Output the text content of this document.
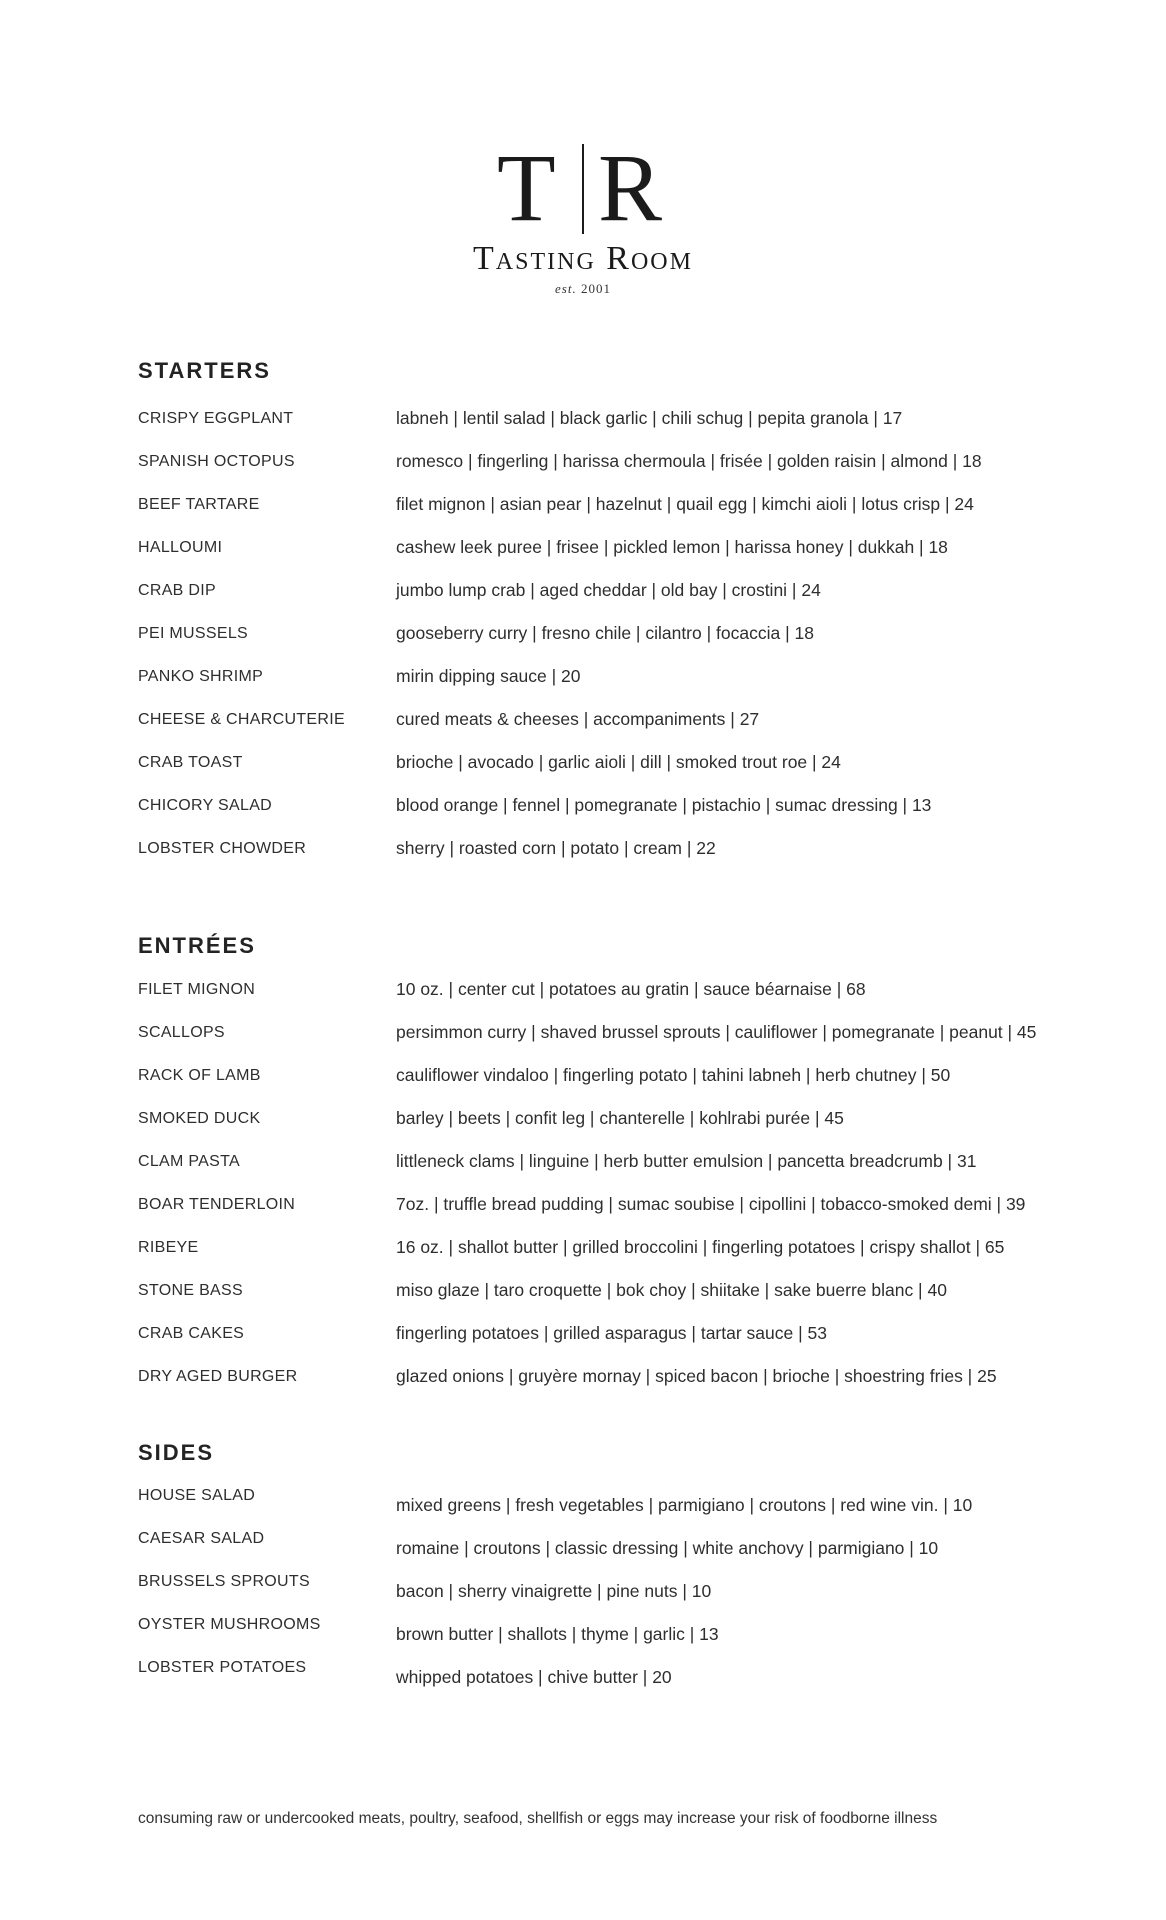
T R
Tasting Room
est. 2001
STARTERS
CRISPY EGGPLANT	labneh | lentil salad | black garlic | chili schug | pepita granola | 17
SPANISH OCTOPUS	romesco | fingerling | harissa chermoula | frisée | golden raisin | almond | 18
BEEF TARTARE	filet mignon | asian pear | hazelnut | quail egg | kimchi aioli | lotus crisp | 24
HALLOUMI	cashew leek puree | frisee | pickled lemon | harissa honey | dukkah | 18
CRAB DIP	jumbo lump crab | aged cheddar | old bay | crostini | 24
PEI MUSSELS	gooseberry curry | fresno chile | cilantro | focaccia | 18
PANKO SHRIMP	mirin dipping sauce | 20
CHEESE & CHARCUTERIE	cured meats & cheeses | accompaniments | 27
CRAB TOAST	brioche | avocado | garlic aioli | dill | smoked trout roe | 24
CHICORY SALAD	blood orange | fennel | pomegranate | pistachio | sumac dressing | 13
LOBSTER CHOWDER	sherry | roasted corn | potato | cream | 22
ENTRÉES
FILET MIGNON	10 oz. | center cut | potatoes au gratin | sauce béarnaise | 68
SCALLOPS	persimmon curry | shaved brussel sprouts | cauliflower | pomegranate | peanut | 45
RACK OF LAMB	cauliflower vindaloo | fingerling potato | tahini labneh | herb chutney | 50
SMOKED DUCK	barley | beets | confit leg | chanterelle | kohlrabi purée | 45
CLAM PASTA	littleneck clams | linguine | herb butter emulsion | pancetta breadcrumb | 31
BOAR TENDERLOIN	7oz. | truffle bread pudding | sumac soubise | cipollini | tobacco-smoked demi | 39
RIBEYE	16 oz. | shallot butter | grilled broccolini | fingerling potatoes | crispy shallot | 65
STONE BASS	miso glaze | taro croquette | bok choy | shiitake | sake buerre blanc | 40
CRAB CAKES	fingerling potatoes | grilled asparagus | tartar sauce | 53
DRY AGED BURGER	glazed onions | gruyère mornay | spiced bacon | brioche | shoestring fries | 25
SIDES
HOUSE SALAD	mixed greens | fresh vegetables | parmigiano | croutons | red wine vin. | 10
CAESAR SALAD	romaine | croutons | classic dressing | white anchovy | parmigiano | 10
BRUSSELS SPROUTS	bacon | sherry vinaigrette | pine nuts | 10
OYSTER MUSHROOMS	brown butter | shallots | thyme | garlic | 13
LOBSTER POTATOES	whipped potatoes | chive butter | 20
consuming raw or undercooked meats, poultry, seafood, shellfish or eggs may increase your risk of foodborne illness
